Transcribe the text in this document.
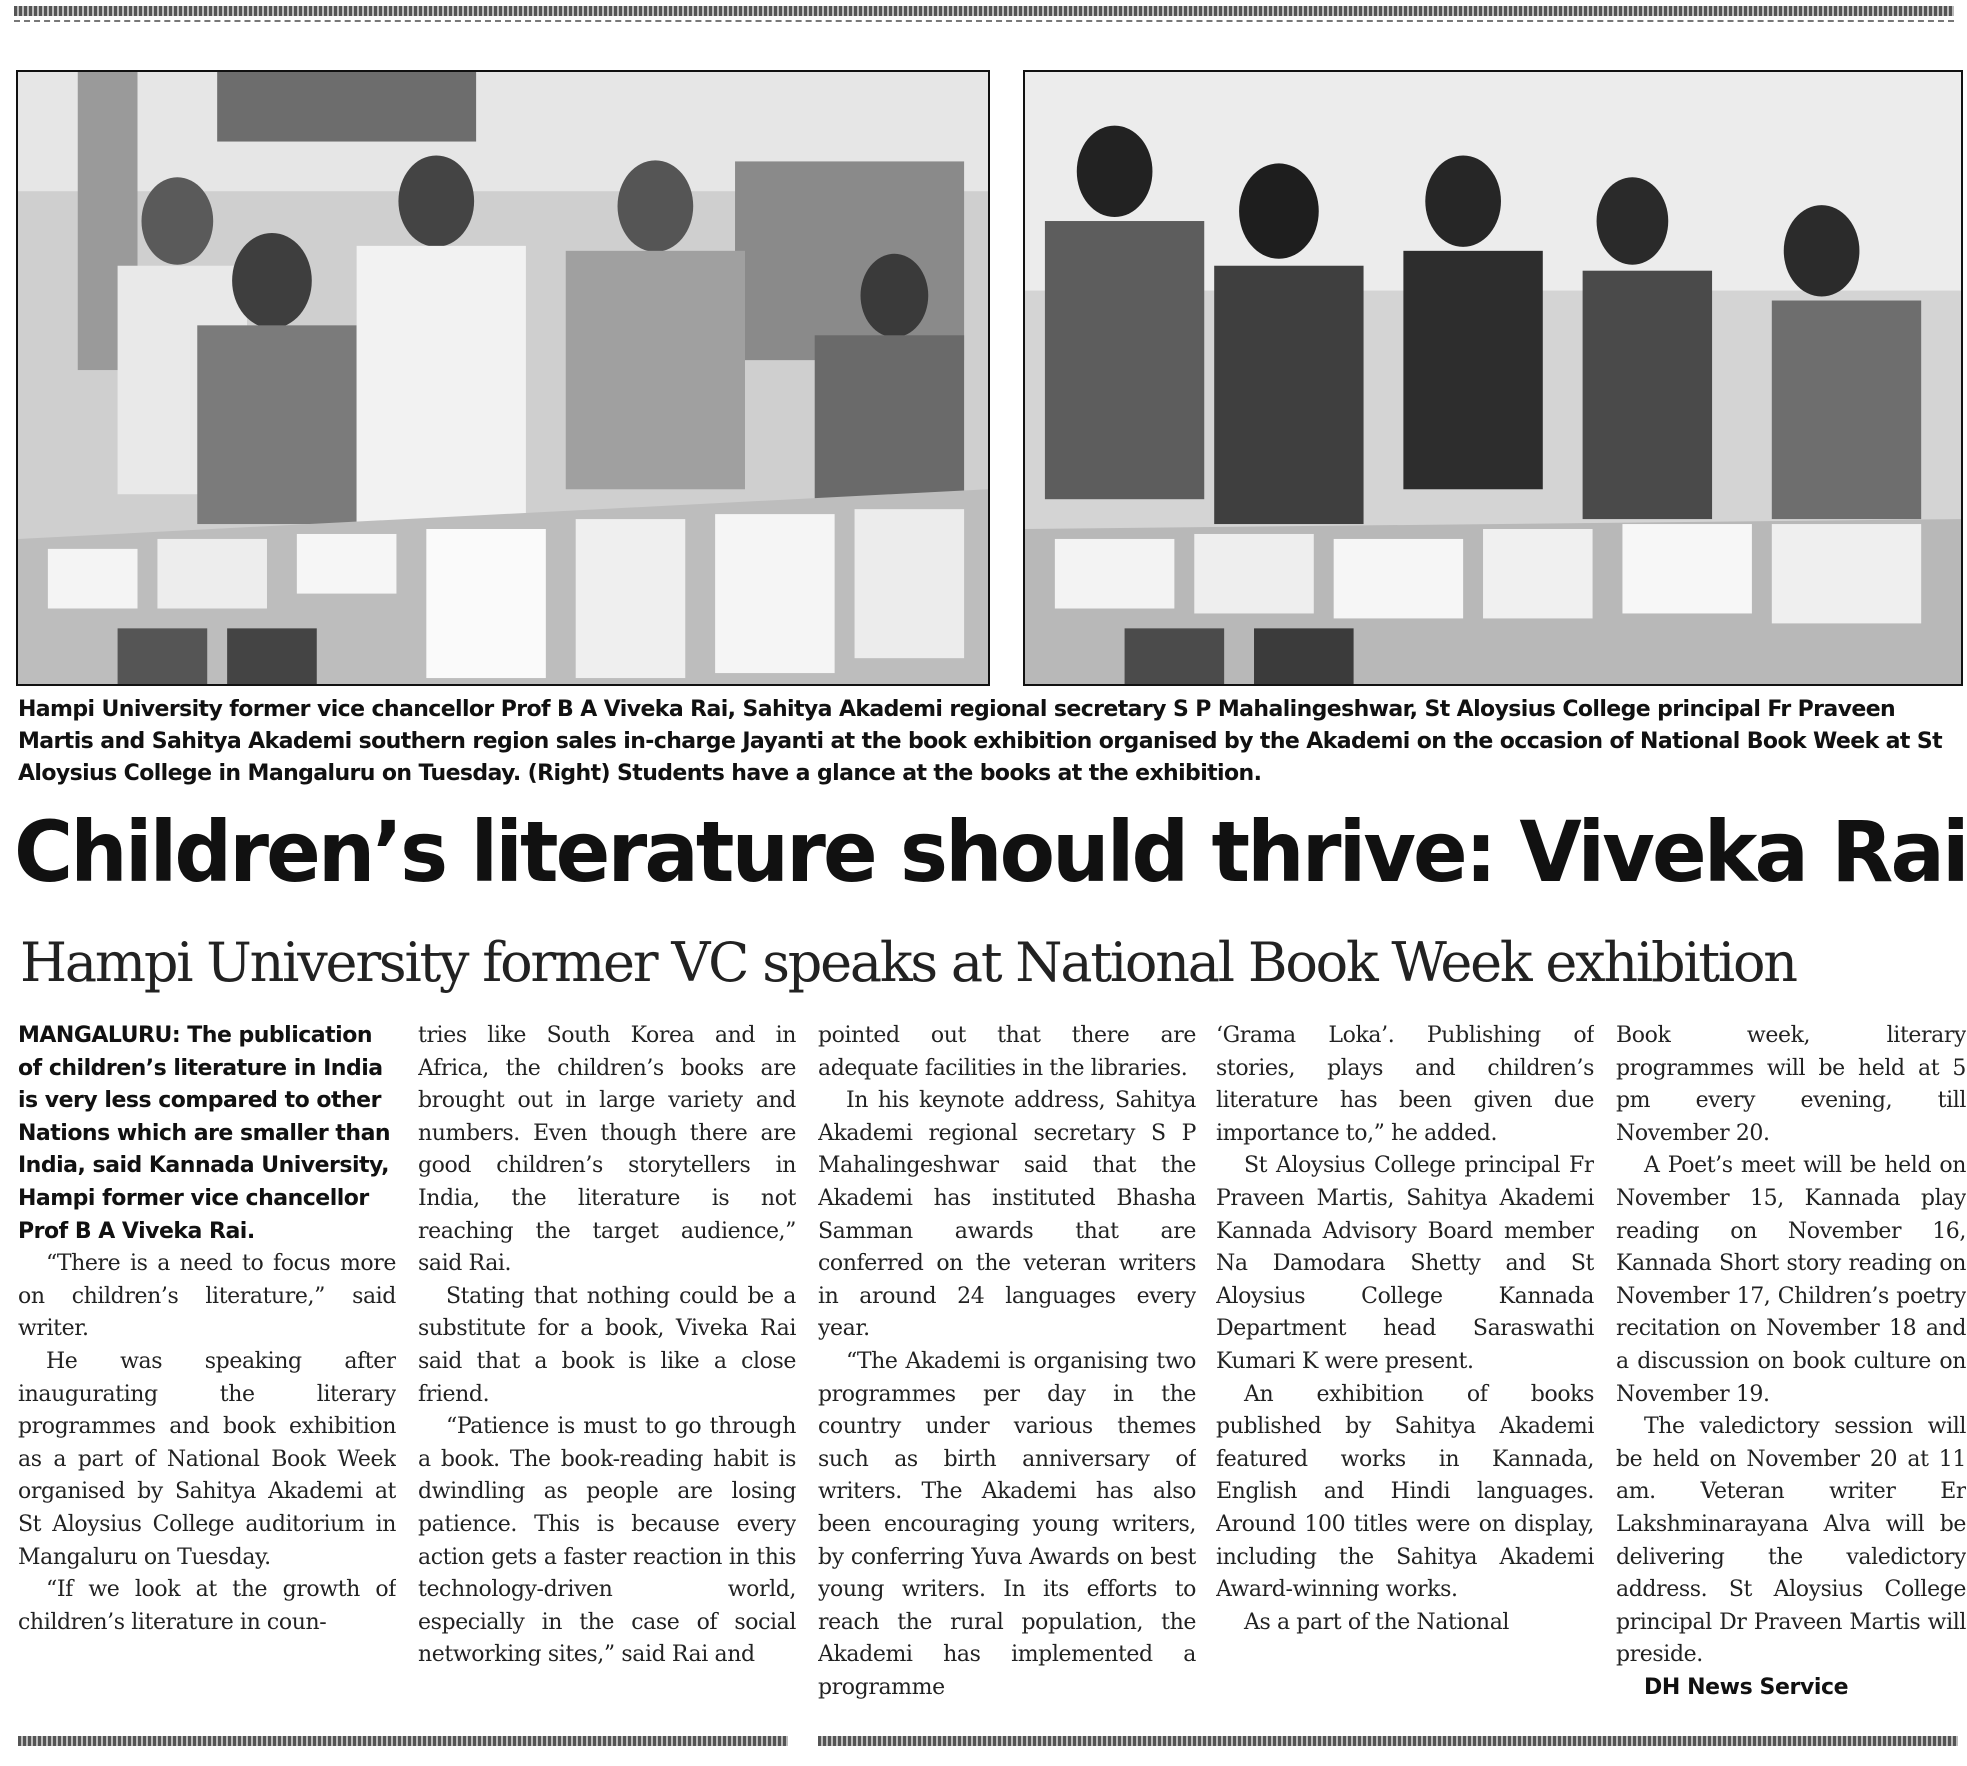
Hampi University former vice chancellor Prof B A Viveka Rai, Sahitya Akademi regional secretary S P Mahalingeshwar, St Aloysius College principal Fr Praveen Martis and Sahitya Akademi southern region sales in-charge Jayanti at the book exhibition organised by the Akademi on the occasion of National Book Week at St Aloysius College in Mangaluru on Tuesday. (Right) Students have a glance at the books at the exhibition.

Children’s literature should thrive: Viveka Rai
Hampi University former VC speaks at National Book Week exhibition

MANGALURU: The publication of children’s literature in India is very less compared to other Nations which are smaller than India, said Kannada University, Hampi former vice chancellor Prof B A Viveka Rai.

“There is a need to focus more on children’s literature,” said writer.

He was speaking after inaugurating the literary programmes and book exhibition as a part of National Book Week organised by Sahitya Akademi at St Aloysius College auditorium in Mangaluru on Tuesday.

“If we look at the growth of children’s literature in coun-

tries like South Korea and in Africa, the children’s books are brought out in large variety and numbers. Even though there are good children’s storytellers in India, the literature is not reaching the target audience,” said Rai.

Stating that nothing could be a substitute for a book, Viveka Rai said that a book is like a close friend.

“Patience is must to go through a book. The book-reading habit is dwindling as people are losing patience. This is because every action gets a faster reaction in this technology-driven world, especially in the case of social networking sites,” said Rai and

pointed out that there are adequate facilities in the libraries.

In his keynote address, Sahitya Akademi regional secretary S P Mahalingeshwar said that the Akademi has instituted Bhasha Samman awards that are conferred on the veteran writers in around 24 languages every year.

“The Akademi is organising two programmes per day in the country under various themes such as birth anniversary of writers. The Akademi has also been encouraging young writers, by conferring Yuva Awards on best young writers. In its efforts to reach the rural population, the Akademi has implemented a programme

‘Grama Loka’. Publishing of stories, plays and children’s literature has been given due importance to,” he added.

St Aloysius College principal Fr Praveen Martis, Sahitya Akademi Kannada Advisory Board member Na Damodara Shetty and St Aloysius College Kannada Department head Saraswathi Kumari K were present.

An exhibition of books published by Sahitya Akademi featured works in Kannada, English and Hindi languages. Around 100 titles were on display, including the Sahitya Akademi Award-winning works.

As a part of the National

Book week, literary programmes will be held at 5 pm every evening, till November 20.

A Poet’s meet will be held on November 15, Kannada play reading on November 16, Kannada Short story reading on November 17, Children’s poetry recitation on November 18 and a discussion on book culture on November 19.

The valedictory session will be held on November 20 at 11 am. Veteran writer Er Lakshminarayana Alva will be delivering the valedictory address. St Aloysius College principal Dr Praveen Martis will preside.

DH News Service
